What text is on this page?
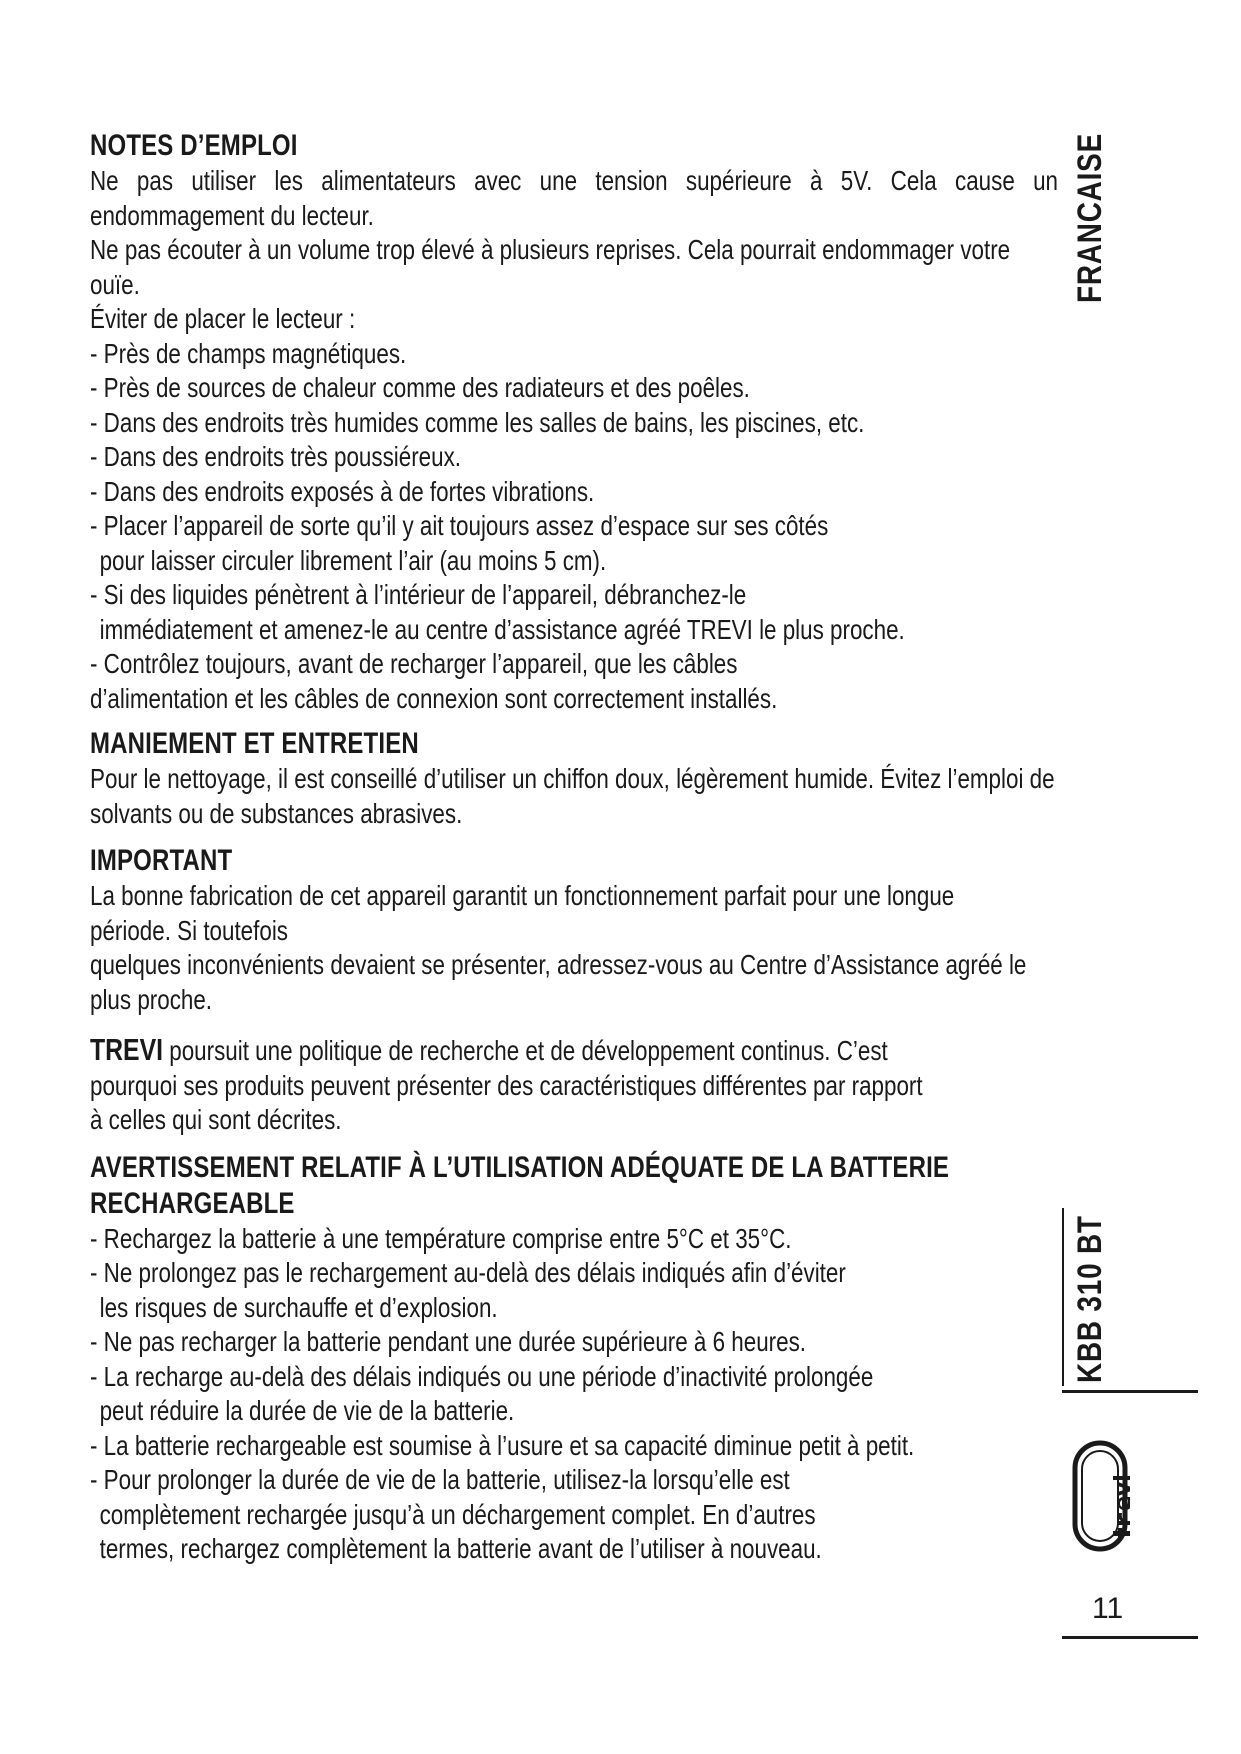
NOTES D’EMPLOI

Ne pas utiliser les alimentateurs avec une tension supérieure à 5V. Cela cause un endommagement du lecteur.

Ne pas écouter à un volume trop élevé à plusieurs reprises. Cela pourrait endommager votre ouïe.

Éviter de placer le lecteur :

- Près de champs magnétiques.
- Près de sources de chaleur comme des radiateurs et des poêles.
- Dans des endroits très humides comme les salles de bains, les piscines, etc.
- Dans des endroits très poussiéreux.
- Dans des endroits exposés à de fortes vibrations.
- Placer l’appareil de sorte qu’il y ait toujours assez d’espace sur ses côtés
pour laisser circuler librement l’air (au moins 5 cm).
- Si des liquides pénètrent à l’intérieur de l’appareil, débranchez-le
immédiatement et amenez-le au centre d’assistance agréé TREVI le plus proche.
- Contrôlez toujours, avant de recharger l’appareil, que les câbles
d’alimentation et les câbles de connexion sont correctement installés.
MANIEMENT ET ENTRETIEN

Pour le nettoyage, il est conseillé d’utiliser un chiffon doux, légèrement humide. Évitez l’emploi de solvants ou de substances abrasives.

IMPORTANT

La bonne fabrication de cet appareil garantit un fonctionnement parfait pour une longue
période. Si toutefois

quelques inconvénients devaient se présenter, adressez-vous au Centre d’Assistance agréé le plus proche.

TREVI poursuit une politique de recherche et de développement continus. C’est
pourquoi ses produits peuvent présenter des caractéristiques différentes par rapport
à celles qui sont décrites.

AVERTISSEMENT RELATIF À L’UTILISATION ADÉQUATE DE LA BATTERIE
RECHARGEABLE
- Rechargez la batterie à une température comprise entre 5°C et 35°C.
- Ne prolongez pas le rechargement au-delà des délais indiqués afin d’éviter
les risques de surchauffe et d’explosion.
- Ne pas recharger la batterie pendant une durée supérieure à 6 heures.
- La recharge au-delà des délais indiqués ou une période d’inactivité prolongée
peut réduire la durée de vie de la batterie.
- La batterie rechargeable est soumise à l’usure et sa capacité diminue petit à petit.
- Pour prolonger la durée de vie de la batterie, utilisez-la lorsqu’elle est
complètement rechargée jusqu’à un déchargement complet. En d’autres
termes, rechargez complètement la batterie avant de l’utiliser à nouveau.
FRANCAISE
KBB 310 BT
11
